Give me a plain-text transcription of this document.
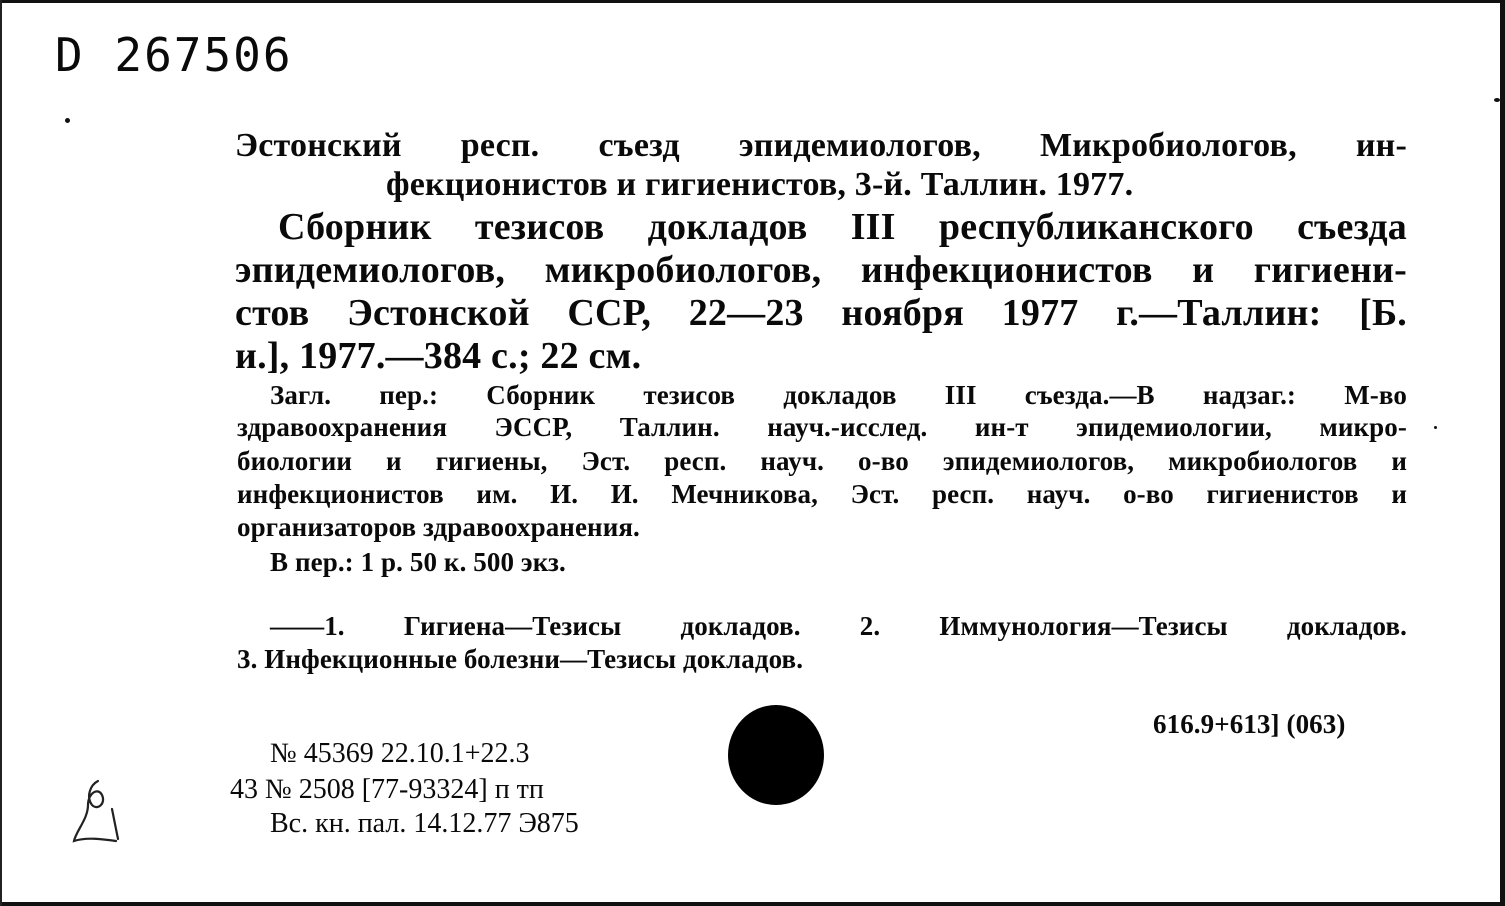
D 267506
Эстонский респ. съезд эпидемиологов, Микробиологов, ин-
фекционистов и гигиенистов, 3-й. Таллин. 1977.
Сборник тезисов докладов III республиканского съезда
эпидемиологов, микробиологов, инфекционистов и гигиени-
стов Эстонской ССР, 22—23 ноября 1977 г.—Таллин: [Б.
и.], 1977.—384 с.; 22 см.
Загл. пер.: Сборник тезисов докладов III съезда.—В надзаг.: М-во
здравоохранения ЭССР, Таллин. науч.-исслед. ин-т эпидемиологии, микро-
биологии и гигиены, Эст. респ. науч. о-во эпидемиологов, микробиологов и
инфекционистов им. И. И. Мечникова, Эст. респ. науч. о-во гигиенистов и
организаторов здравоохранения.
В пер.: 1 р. 50 к. 500 экз.
——1. Гигиена—Тезисы докладов. 2. Иммунология—Тезисы докладов.
3. Инфекционные болезни—Тезисы докладов.
616.9+613] (063)
№ 45369 22.10.1+22.3
43 № 2508 [77-93324] п тп
Вс. кн. пал. 14.12.77 Э875
